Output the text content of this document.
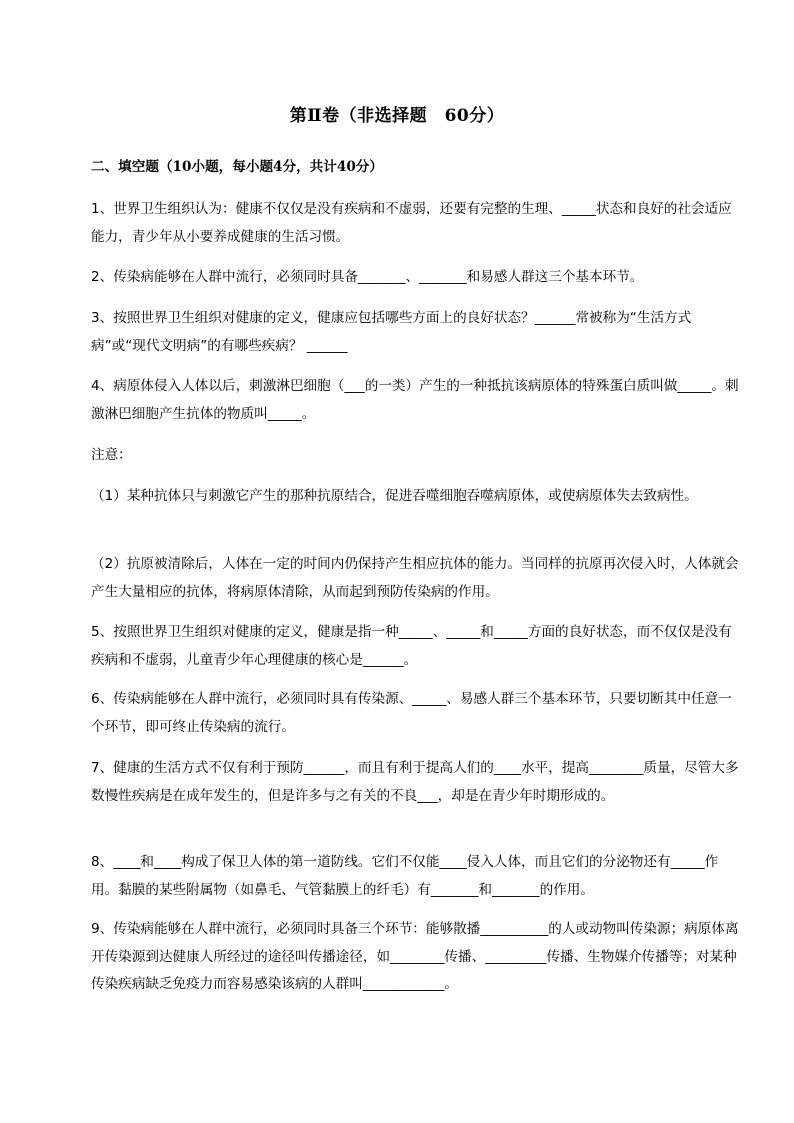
第Ⅱ卷（非选择题　60分）
二、填空题（10小题，每小题4分，共计40分）
1、世界卫生组织认为：健康不仅仅是没有疾病和不虚弱，还要有完整的生理、_____状态和良好的社会适应能力，青少年从小要养成健康的生活习惯。
2、传染病能够在人群中流行，必须同时具备_______、_______和易感人群这三个基本环节。
3、按照世界卫生组织对健康的定义，健康应包括哪些方面上的良好状态？______常被称为“生活方式病”或“现代文明病”的有哪些疾病？ ______
4、病原体侵入人体以后，刺激淋巴细胞（___的一类）产生的一种抵抗该病原体的特殊蛋白质叫做_____。刺激淋巴细胞产生抗体的物质叫_____。
注意：
（1）某种抗体只与刺激它产生的那种抗原结合，促进吞噬细胞吞噬病原体，或使病原体失去致病性。
（2）抗原被清除后，人体在一定的时间内仍保持产生相应抗体的能力。当同样的抗原再次侵入时，人体就会产生大量相应的抗体，将病原体清除，从而起到预防传染病的作用。
5、按照世界卫生组织对健康的定义，健康是指一种_____、_____和_____方面的良好状态，而不仅仅是没有疾病和不虚弱，儿童青少年心理健康的核心是______。
6、传染病能够在人群中流行，必须同时具有传染源、_____、易感人群三个基本环节，只要切断其中任意一个环节，即可终止传染病的流行。
7、健康的生活方式不仅有利于预防______，而且有利于提高人们的____水平，提高________质量，尽管大多数慢性疾病是在成年发生的，但是许多与之有关的不良___，却是在青少年时期形成的。
8、____和____构成了保卫人体的第一道防线。它们不仅能____侵入人体，而且它们的分泌物还有_____作用。黏膜的某些附属物（如鼻毛、气管黏膜上的纤毛）有_______和_______的作用。
9、传染病能够在人群中流行，必须同时具备三个环节：能够散播__________的人或动物叫传染源；病原体离开传染源到达健康人所经过的途径叫传播途径，如________传播、_________传播、生物媒介传播等；对某种传染疾病缺乏免疫力而容易感染该病的人群叫____________。
